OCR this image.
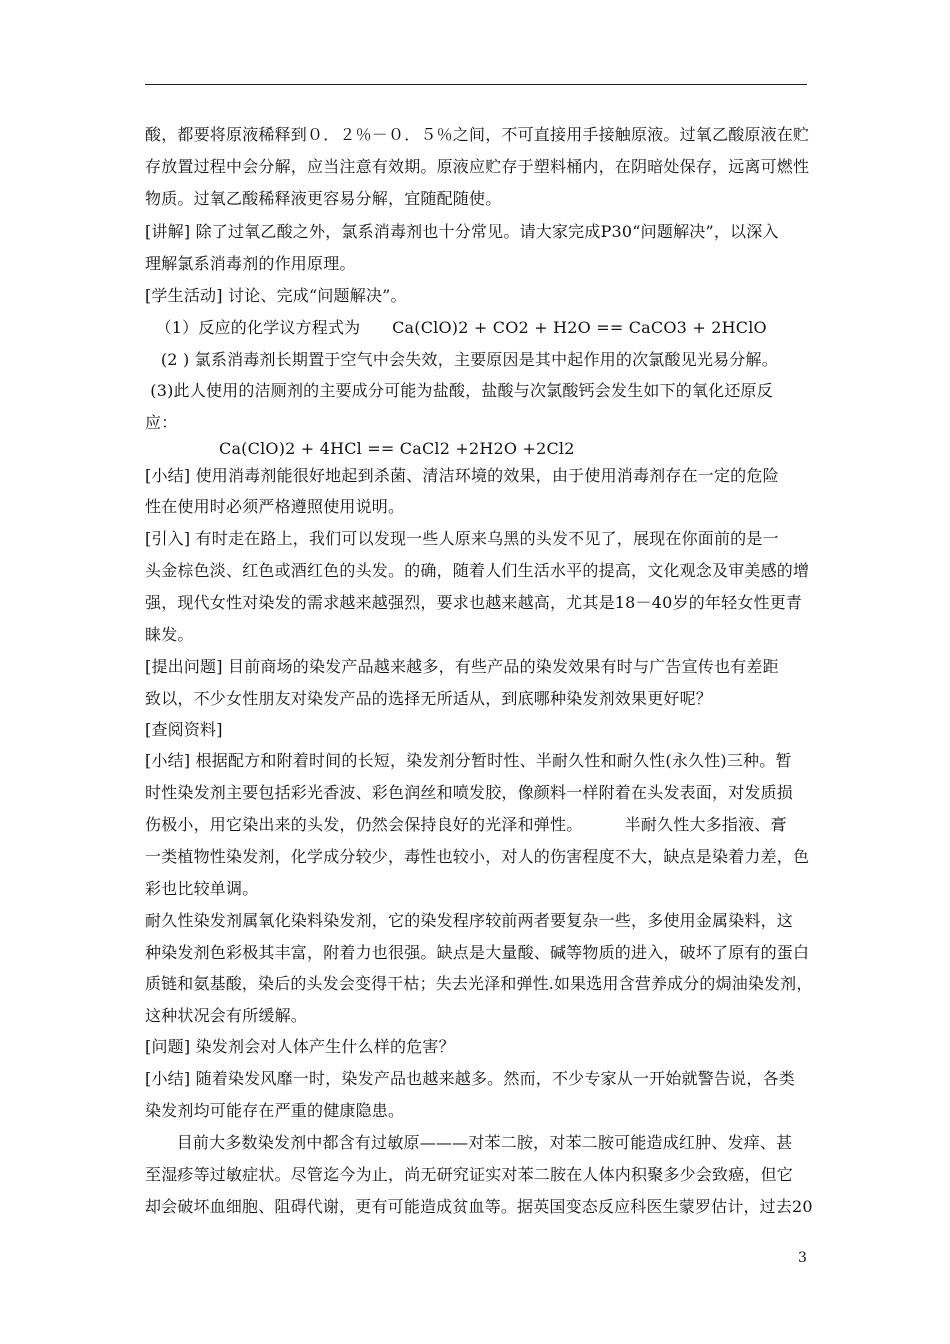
酸，都要将原液稀释到０．２％－０．５％之间，不可直接用手接触原液。过氧乙酸原液在贮
存放置过程中会分解，应当注意有效期。原液应贮存于塑料桶内，在阴暗处保存，远离可燃性
物质。过氧乙酸稀释液更容易分解，宜随配随使。
[讲解] 除了过氧乙酸之外，氯系消毒剂也十分常见。请大家完成P30“问题解决”，以深入
理解氯系消毒剂的作用原理。
[学生活动] 讨论、完成“问题解决”。
（1）反应的化学议方程式为      Ca(ClO)2 + CO2 + H2O == CaCO3 + 2HClO
(2 ) 氯系消毒剂长期置于空气中会失效，主要原因是其中起作用的次氯酸见光易分解。
(3)此人使用的洁厕剂的主要成分可能为盐酸，盐酸与次氯酸钙会发生如下的氧化还原反
应：
Ca(ClO)2 + 4HCl == CaCl2 +2H2O +2Cl2
[小结] 使用消毒剂能很好地起到杀菌、清洁环境的效果，由于使用消毒剂存在一定的危险
性在使用时必须严格遵照使用说明。
[引入] 有时走在路上，我们可以发现一些人原来乌黑的头发不见了，展现在你面前的是一
头金棕色淡、红色或酒红色的头发。的确，随着人们生活水平的提高，文化观念及审美感的增
强，现代女性对染发的需求越来越强烈，要求也越来越高，尤其是18－40岁的年轻女性更青
睐发。
[提出问题] 目前商场的染发产品越来越多，有些产品的染发效果有时与广告宣传也有差距
致以，不少女性朋友对染发产品的选择无所适从，到底哪种染发剂效果更好呢？
[查阅资料]
[小结] 根据配方和附着时间的长短，染发剂分暂时性、半耐久性和耐久性(永久性)三种。暂
时性染发剂主要包括彩光香波、彩色润丝和喷发胶，像颜料一样附着在头发表面，对发质损
伤极小，用它染出来的头发，仍然会保持良好的光泽和弹性。        半耐久性大多指液、膏
一类植物性染发剂，化学成分较少，毒性也较小，对人的伤害程度不大，缺点是染着力差，色
彩也比较单调。
耐久性染发剂属氧化染料染发剂，它的染发程序较前两者要复杂一些，多使用金属染料，这
种染发剂色彩极其丰富，附着力也很强。缺点是大量酸、碱等物质的进入，破坏了原有的蛋白
质链和氨基酸，染后的头发会变得干枯；失去光泽和弹性.如果选用含营养成分的焗油染发剂，
这种状况会有所缓解。
[问题] 染发剂会对人体产生什么样的危害？
[小结] 随着染发风靡一时，染发产品也越来越多。然而，不少专家从一开始就警告说，各类
染发剂均可能存在严重的健康隐患。
目前大多数染发剂中都含有过敏原———对苯二胺，对苯二胺可能造成红肿、发痒、甚
至湿疹等过敏症状。尽管迄今为止，尚无研究证实对苯二胺在人体内积聚多少会致癌，但它
却会破坏血细胞、阻碍代谢，更有可能造成贫血等。据英国变态反应科医生蒙罗估计，过去20
3
